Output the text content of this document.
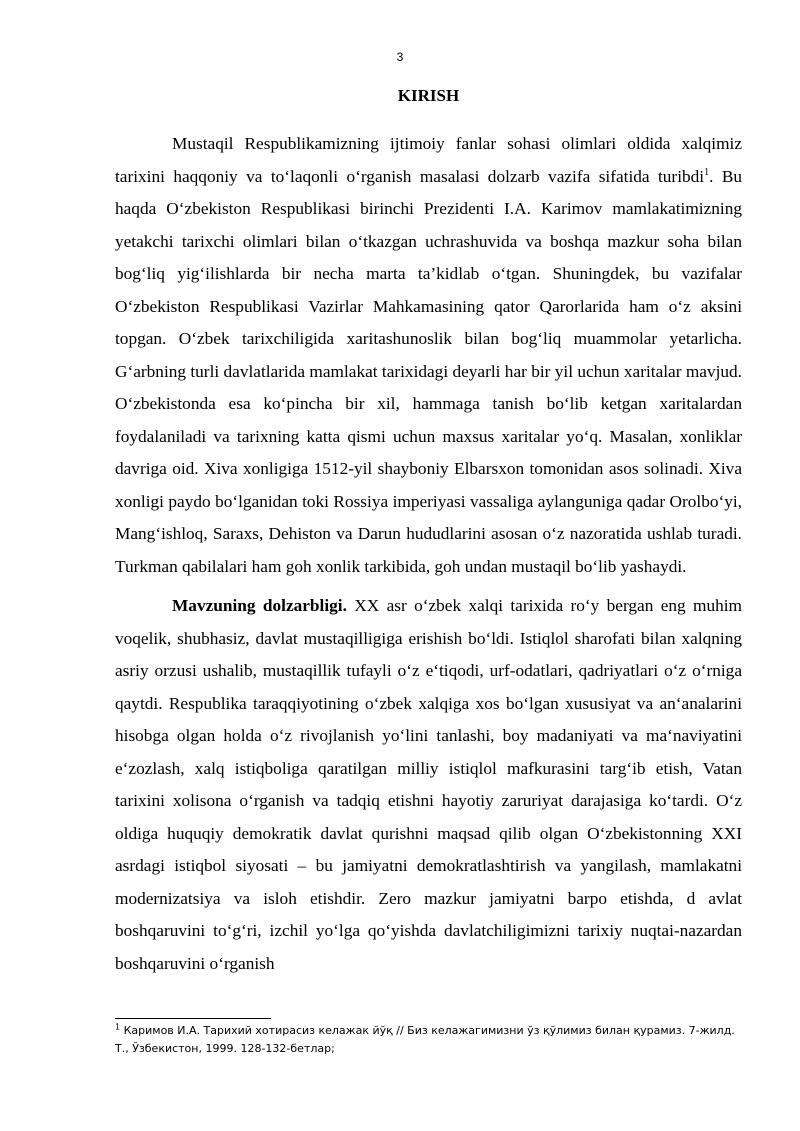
3
KIRISH

Mustaqil Respublikamizning ijtimoiy fanlar sohasi olimlari oldida xalqimiz tarixini haqqoniy va to‘laqonli o‘rganish masalasi dolzarb vazifa sifatida turibdi$^1$. Bu haqda O‘zbekiston Respublikasi birinchi Prezidenti I.A. Karimov mamlakatimizning yetakchi tarixchi olimlari bilan o‘tkazgan uchrashuvida va boshqa mazkur soha bilan bog‘liq yig‘ilishlarda bir necha marta ta’kidlab o‘tgan. Shuningdek, bu vazifalar O‘zbekiston Respublikasi Vazirlar Mahkamasining qator Qarorlarida ham o‘z aksini topgan. O‘zbek tarixchiligida xaritashunoslik bilan bog‘liq muammolar yetarlicha. G‘arbning turli davlatlarida mamlakat tarixidagi deyarli har bir yil uchun xaritalar mavjud. O‘zbekistonda esa ko‘pincha bir xil, hammaga tanish bo‘lib ketgan xaritalardan foydalaniladi va tarixning katta qismi uchun maxsus xaritalar yo‘q. Masalan, xonliklar davriga oid. Xiva xonligiga 1512-yil shayboniy Elbarsxon tomonidan asos solinadi. Xiva xonligi paydo bo‘lganidan toki Rossiya imperiyasi vassaliga aylanguniga qadar Orolbo‘yi, Mang‘ishloq, Saraxs, Dehiston va Darun hududlarini asosan o‘z nazoratida ushlab turadi. Turkman qabilalari ham goh xonlik tarkibida, goh undan mustaqil bo‘lib yashaydi.

Mavzuning dolzarbligi. XX asr o‘zbek xalqi tarixida ro‘y bergan eng muhim voqelik, shubhasiz, davlat mustaqilligiga erishish bo‘ldi. Istiqlol sharofati bilan xalqning asriy orzusi ushalib, mustaqillik tufayli o‘z e‘tiqodi, urf-odatlari, qadriyatlari o‘z o‘rniga qaytdi. Respublika taraqqiyotining o‘zbek xalqiga xos bo‘lgan xususiyat va an‘analarini hisobga olgan holda o‘z rivojlanish yo‘lini tanlashi, boy madaniyati va ma‘naviyatini e‘zozlash, xalq istiqboliga qaratilgan milliy istiqlol mafkurasini targ‘ib etish, Vatan tarixini xolisona o‘rganish va tadqiq etishni hayotiy zaruriyat darajasiga ko‘tardi. O‘z oldiga huquqiy demokratik davlat qurishni maqsad qilib olgan O‘zbekistonning XXI asrdagi istiqbol siyosati – bu jamiyatni demokratlashtirish va yangilash, mamlakatni modernizatsiya va isloh etishdir. Zero mazkur jamiyatni barpo etishda, d avlat boshqaruvini to‘g‘ri, izchil yo‘lga qo‘yishda davlatchiligimizni tarixiy nuqtai-nazardan boshqaruvini o‘rganish

$^1$ Каримов И.А. Тарихий хотирасиз келажак йўқ // Биз келажагимизни ўз қўлимиз билан қурамиз. 7-жилд. Т., Ўзбекистон, 1999. 128-132-бетлар;
